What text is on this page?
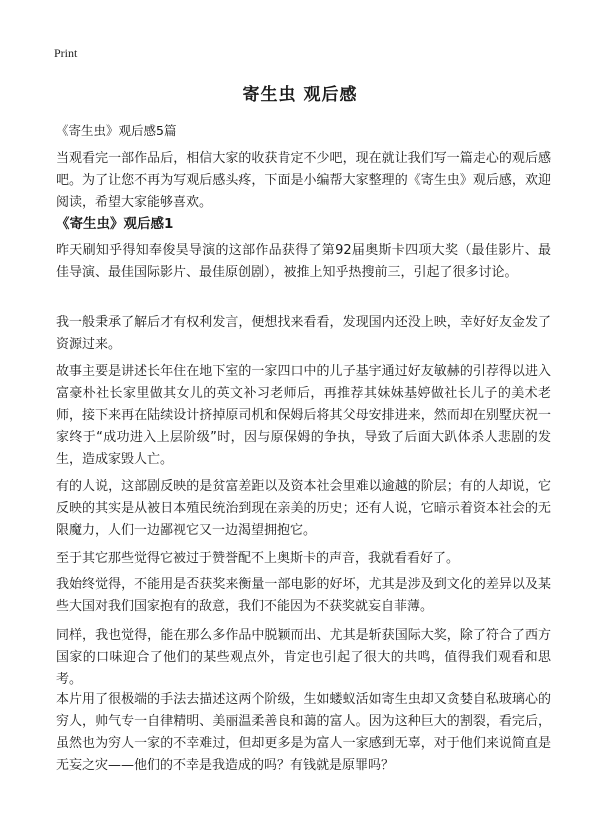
Print
寄生虫 观后感

《寄生虫》观后感5篇

当观看完一部作品后，相信大家的收获肯定不少吧，现在就让我们写一篇走心的观后感吧。为了让您不再为写观后感头疼，下面是小编帮大家整理的《寄生虫》观后感，欢迎阅读，希望大家能够喜欢。

《寄生虫》观后感1

昨天刷知乎得知奉俊昊导演的这部作品获得了第92届奥斯卡四项大奖（最佳影片、最佳导演、最佳国际影片、最佳原创剧），被推上知乎热搜前三，引起了很多讨论。

我一般秉承了解后才有权利发言，便想找来看看，发现国内还没上映，幸好好友金发了资源过来。

故事主要是讲述长年住在地下室的一家四口中的儿子基宇通过好友敏赫的引荐得以进入富豪朴社长家里做其女儿的英文补习老师后，再推荐其妹妹基婷做社长儿子的美术老师，接下来再在陆续设计挤掉原司机和保姆后将其父母安排进来，然而却在别墅庆祝一家终于“成功进入上层阶级”时，因与原保姆的争执，导致了后面大趴体杀人悲剧的发生，造成家毁人亡。

有的人说，这部剧反映的是贫富差距以及资本社会里难以逾越的阶层；有的人却说，它反映的其实是从被日本殖民统治到现在亲美的历史；还有人说，它暗示着资本社会的无限魔力，人们一边鄙视它又一边渴望拥抱它。

至于其它那些觉得它被过于赞誉配不上奥斯卡的声音，我就看看好了。

我始终觉得，不能用是否获奖来衡量一部电影的好坏，尤其是涉及到文化的差异以及某些大国对我们国家抱有的敌意，我们不能因为不获奖就妄自菲薄。

同样，我也觉得，能在那么多作品中脱颖而出、尤其是斩获国际大奖，除了符合了西方国家的口味迎合了他们的某些观点外，肯定也引起了很大的共鸣，值得我们观看和思考。

本片用了很极端的手法去描述这两个阶级，生如蝼蚁活如寄生虫却又贪婪自私玻璃心的穷人，帅气专一自律精明、美丽温柔善良和蔼的富人。因为这种巨大的割裂，看完后，虽然也为穷人一家的不幸难过，但却更多是为富人一家感到无辜，对于他们来说简直是无妄之灾——他们的不幸是我造成的吗？有钱就是原罪吗？
